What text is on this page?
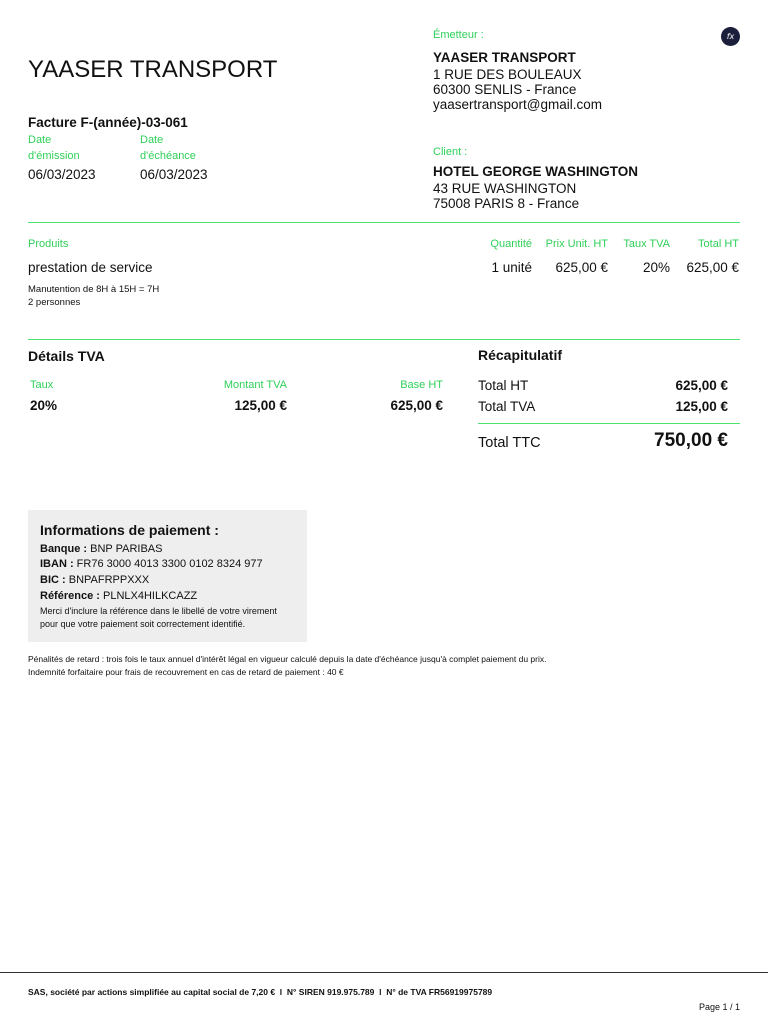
YAASER TRANSPORT
Facture F-(année)-03-061
Date
d'émission
Date
d'échéance
06/03/2023	06/03/2023
fx
Émetteur :
YAASER TRANSPORT
1 RUE DES BOULEAUX
60300 SENLIS - France
yaasertransport@gmail.com
Client :
HOTEL GEORGE WASHINGTON
43 RUE WASHINGTON
75008 PARIS 8 - France
Produits	Quantité	Prix Unit. HT	Taux TVA	Total HT
prestation de service	1 unité	625,00 €	20%	625,00 €
Manutention de 8H à 15H = 7H
2 personnes
Détails TVA
Taux	Montant TVA	Base HT
20%	125,00 €	625,00 €
Récapitulatif
Total HT	625,00 €
Total TVA	125,00 €
Total TTC	750,00 €
Informations de paiement :
Banque : BNP PARIBAS
IBAN : FR76 3000 4013 3300 0102 8324 977
BIC : BNPAFRPPXXX
Référence : PLNLX4HILKCAZZ
Merci d'inclure la référence dans le libellé de votre virement
pour que votre paiement soit correctement identifié.
Pénalités de retard : trois fois le taux annuel d'intérêt légal en vigueur calculé depuis la date d'échéance jusqu'à complet paiement du prix.
Indemnité forfaitaire pour frais de recouvrement en cas de retard de paiement : 40 €
SAS, société par actions simplifiée au capital social de 7,20 €  l  N° SIREN 919.975.789  l  N° de TVA FR56919975789
Page 1 / 1
